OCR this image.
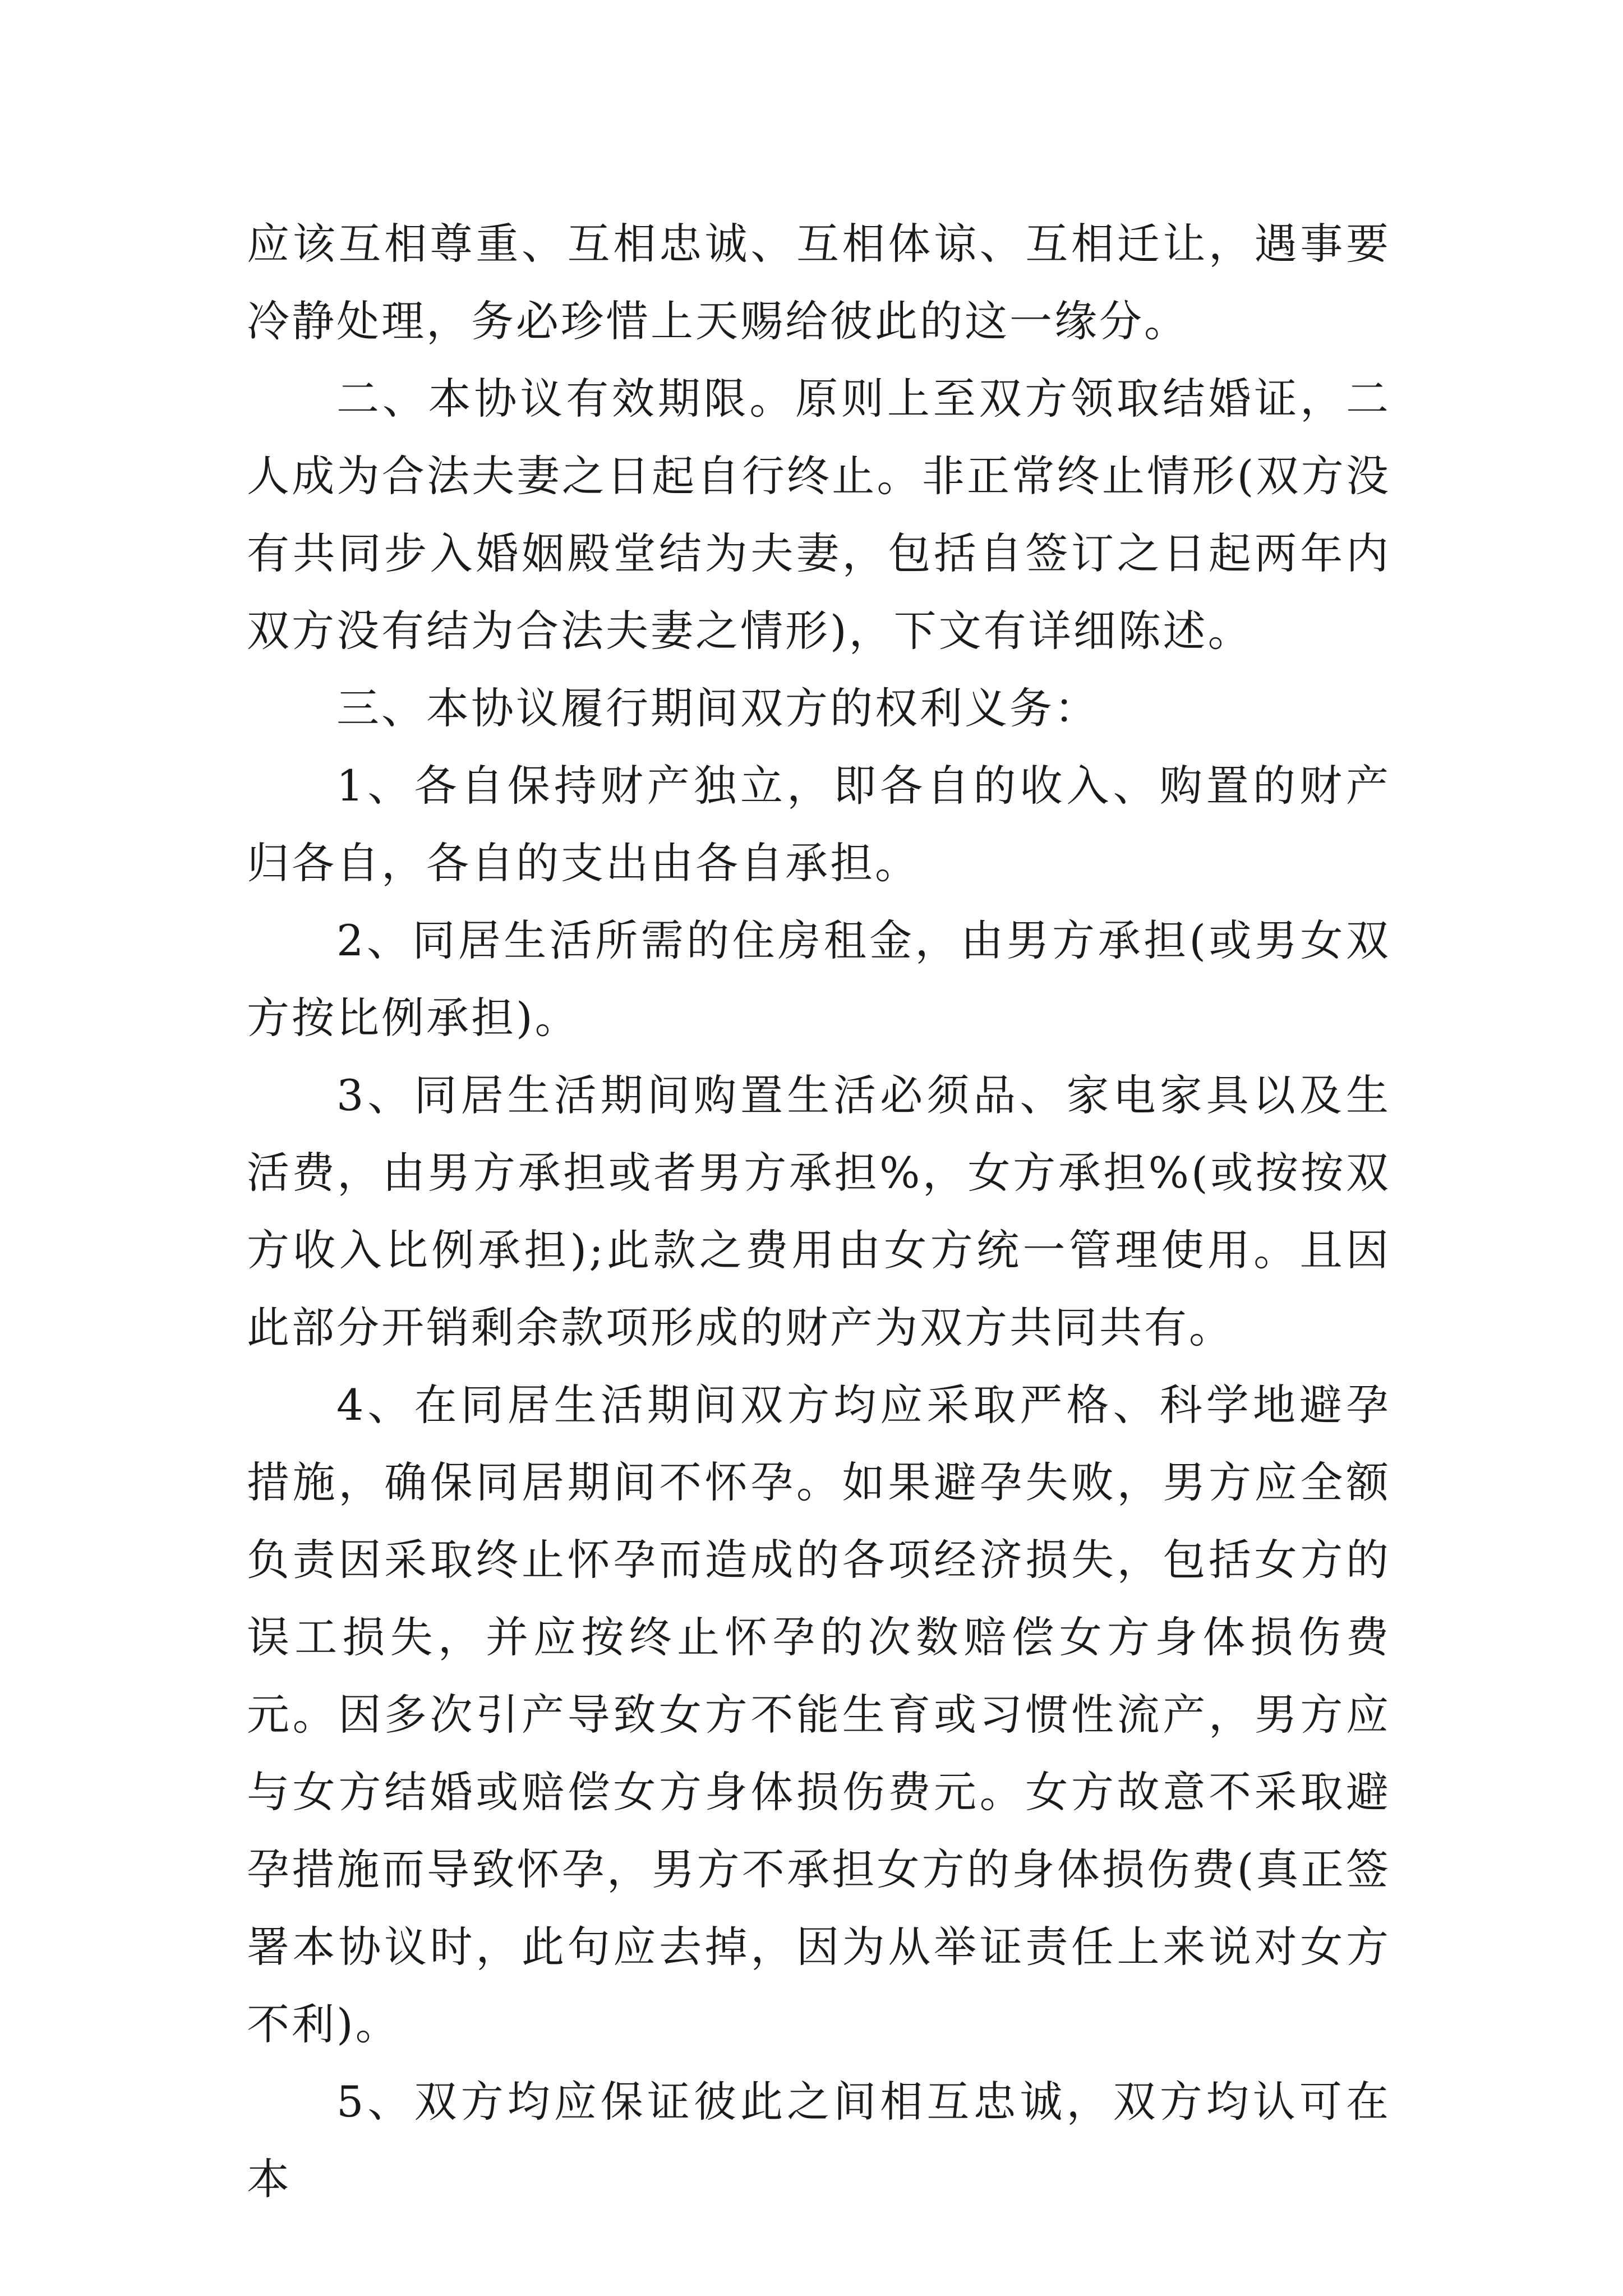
应该互相尊重、互相忠诚、互相体谅、互相迁让，遇事要冷静处理，务必珍惜上天赐给彼此的这一缘分。

二、本协议有效期限。原则上至双方领取结婚证，二人成为合法夫妻之日起自行终止。非正常终止情形(双方没有共同步入婚姻殿堂结为夫妻，包括自签订之日起两年内双方没有结为合法夫妻之情形)，下文有详细陈述。

三、本协议履行期间双方的权利义务：

1、各自保持财产独立，即各自的收入、购置的财产归各自，各自的支出由各自承担。

2、同居生活所需的住房租金，由男方承担(或男女双方按比例承担)。

3、同居生活期间购置生活必须品、家电家具以及生活费，由男方承担或者男方承担%，女方承担%(或按按双方收入比例承担);此款之费用由女方统一管理使用。且因此部分开销剩余款项形成的财产为双方共同共有。

4、在同居生活期间双方均应采取严格、科学地避孕措施，确保同居期间不怀孕。如果避孕失败，男方应全额负责因采取终止怀孕而造成的各项经济损失，包括女方的误工损失，并应按终止怀孕的次数赔偿女方身体损伤费元。因多次引产导致女方不能生育或习惯性流产，男方应与女方结婚或赔偿女方身体损伤费元。女方故意不采取避孕措施而导致怀孕，男方不承担女方的身体损伤费(真正签署本协议时，此句应去掉，因为从举证责任上来说对女方不利)。

5、双方均应保证彼此之间相互忠诚，双方均认可在本
